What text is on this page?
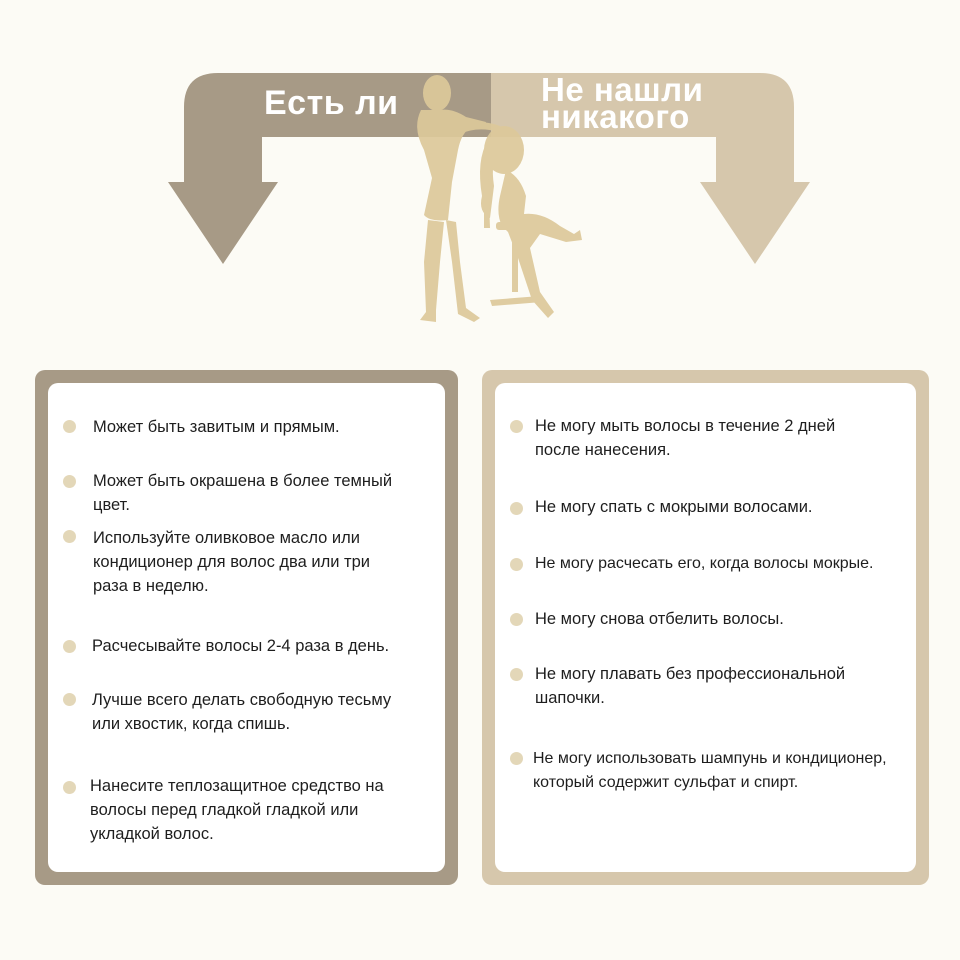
Есть ли	Не нашли
никакого
Может быть завитым и прямым.
Может быть окрашена в более темный
цвет.
Используйте оливковое масло или
кондиционер для волос два или три
раза в неделю.
Расчесывайте волосы 2-4 раза в день.
Лучше всего делать свободную тесьму
или хвостик, когда спишь.
Нанесите теплозащитное средство на
волосы перед гладкой гладкой или
укладкой волос.
Не могу мыть волосы в течение 2 дней
после нанесения.
Не могу спать с мокрыми волосами.
Не могу расчесать его, когда волосы мокрые.
Не могу снова отбелить волосы.
Не могу плавать без профессиональной
шапочки.
Не могу использовать шампунь и кондиционер,
который содержит сульфат и спирт.
